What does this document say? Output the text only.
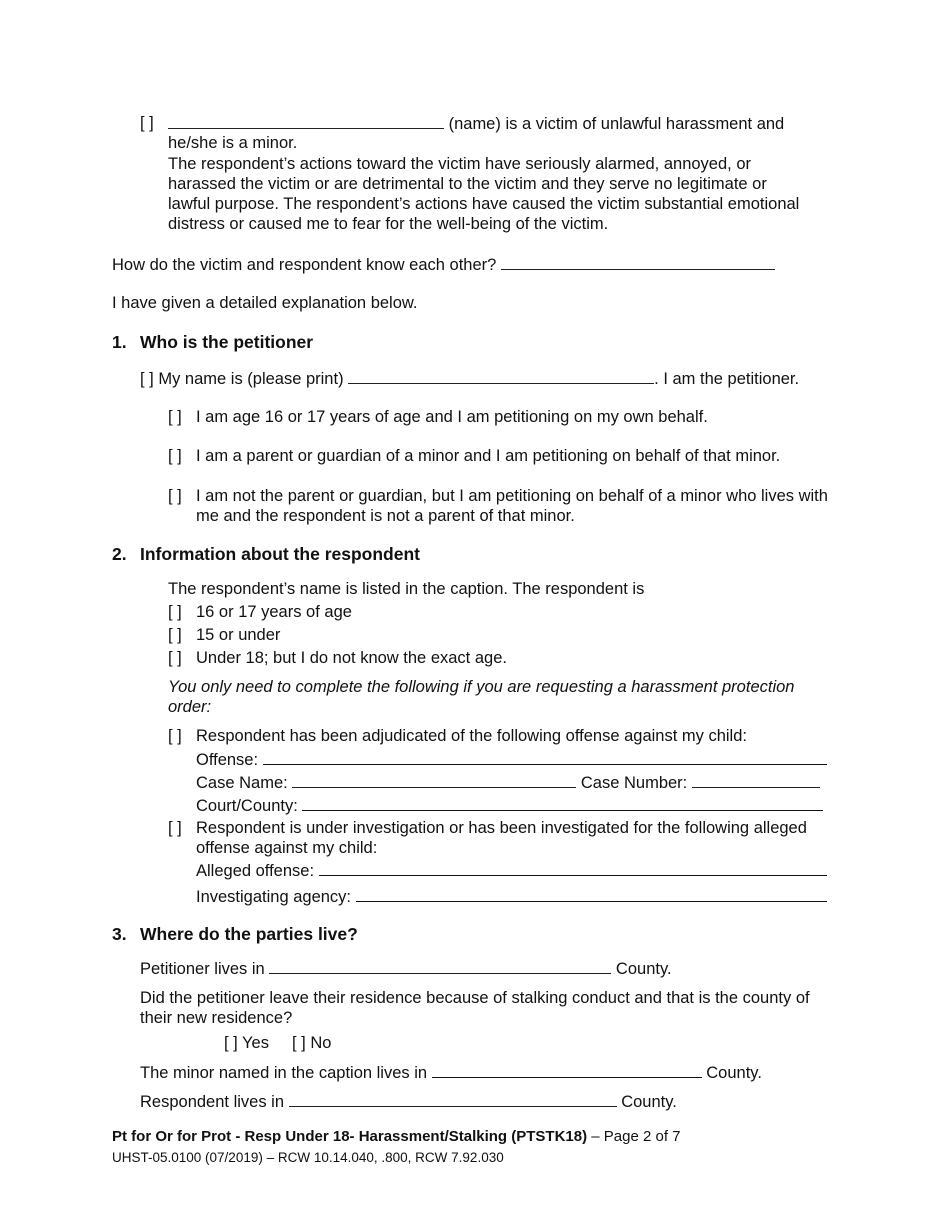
[ ]	(name) is a victim of unlawful harassment and
he/she is a minor.
The respondent’s actions toward the victim have seriously alarmed, annoyed, or
harassed the victim or are detrimental to the victim and they serve no legitimate or
lawful purpose. The respondent’s actions have caused the victim substantial emotional
distress or caused me to fear for the well-being of the victim.
How do the victim and respondent know each other?
I have given a detailed explanation below.
1. Who is the petitioner
[ ] My name is (please print)	. I am the petitioner.
[ ] I am age 16 or 17 years of age and I am petitioning on my own behalf.
[ ] I am a parent or guardian of a minor and I am petitioning on behalf of that minor.
[ ] I am not the parent or guardian, but I am petitioning on behalf of a minor who lives with
me and the respondent is not a parent of that minor.
2. Information about the respondent
The respondent’s name is listed in the caption. The respondent is
[ ] 16 or 17 years of age
[ ] 15 or under
[ ] Under 18; but I do not know the exact age.
You only need to complete the following if you are requesting a harassment protection
order:
[ ] Respondent has been adjudicated of the following offense against my child:
Offense:
Case Name:	Case Number:
Court/County:
[ ] Respondent is under investigation or has been investigated for the following alleged
offense against my child:
Alleged offense:
Investigating agency:
3. Where do the parties live?
Petitioner lives in	County.
Did the petitioner leave their residence because of stalking conduct and that is the county of
their new residence?
[ ] Yes [ ] No
The minor named in the caption lives in	County.
Respondent lives in	County.
Pt for Or for Prot - Resp Under 18- Harassment/Stalking (PTSTK18) – Page 2 of 7
UHST-05.0100 (07/2019) – RCW 10.14.040, .800, RCW 7.92.030
